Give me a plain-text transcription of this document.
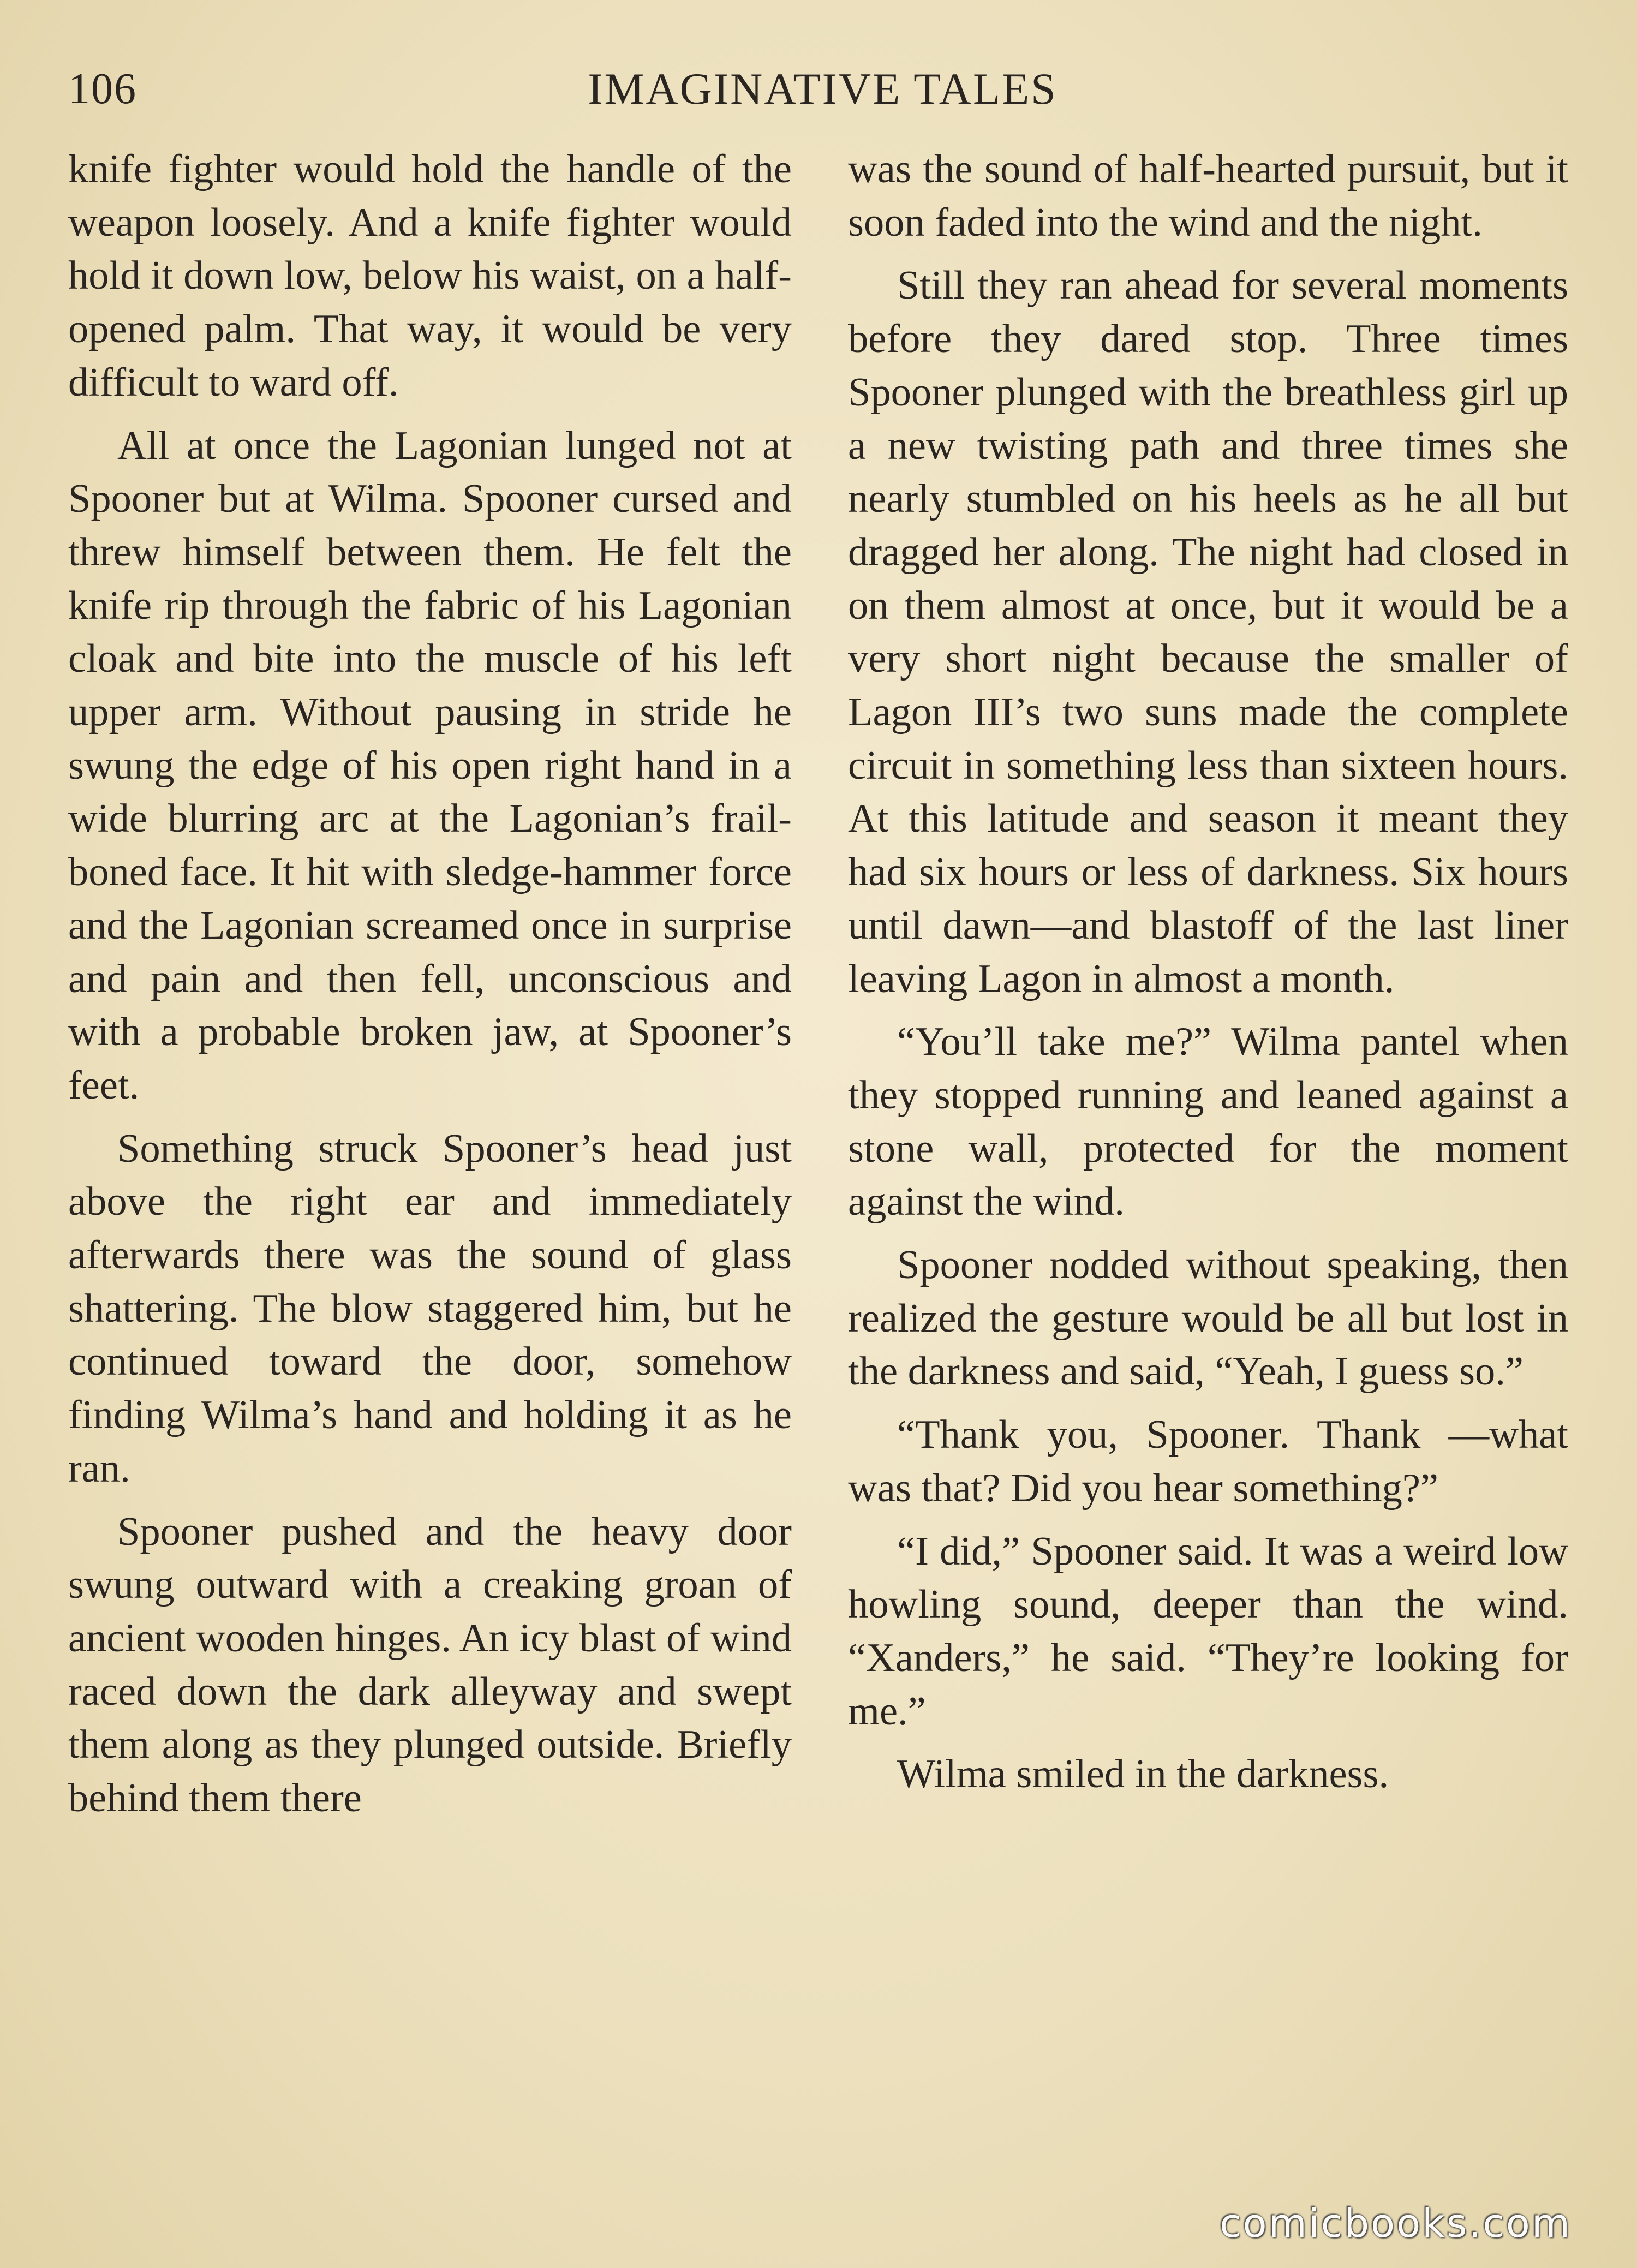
106	IMAGINATIVE TALES

knife fighter would hold the handle of the weapon loosely. And a knife fighter would hold it down low, below his waist, on a half-opened palm. That way, it would be very difficult to ward off.

All at once the Lagonian lunged not at Spooner but at Wilma. Spooner cursed and threw himself between them. He felt the knife rip through the fabric of his Lagonian cloak and bite into the muscle of his left upper arm. Without pausing in stride he swung the edge of his open right hand in a wide blurring arc at the Lagonian’s frail-boned face. It hit with sledge-hammer force and the Lagonian screamed once in surprise and pain and then fell, unconscious and with a probable broken jaw, at Spooner’s feet.

Something struck Spooner’s head just above the right ear and immediately afterwards there was the sound of glass shattering. The blow staggered him, but he continued toward the door, somehow finding Wilma’s hand and holding it as he ran.

Spooner pushed and the heavy door swung outward with a creaking groan of ancient wooden hinges. An icy blast of wind raced down the dark alleyway and swept them along as they plunged outside. Briefly behind them there

was the sound of half-hearted pursuit, but it soon faded into the wind and the night.

Still they ran ahead for several moments before they dared stop. Three times Spooner plunged with the breathless girl up a new twisting path and three times she nearly stumbled on his heels as he all but dragged her along. The night had closed in on them almost at once, but it would be a very short night because the smaller of Lagon III’s two suns made the complete circuit in something less than sixteen hours. At this latitude and season it meant they had six hours or less of darkness. Six hours until dawn—and blastoff of the last liner leaving Lagon in almost a month.

“You’ll take me?” Wilma pantel when they stopped running and leaned against a stone wall, protected for the moment against the wind.

Spooner nodded without speaking, then realized the gesture would be all but lost in the darkness and said, “Yeah, I guess so.”

“Thank you, Spooner. Thank —what was that? Did you hear something?”

“I did,” Spooner said. It was a weird low howling sound, deeper than the wind. “Xanders,” he said. “They’re looking for me.”

Wilma smiled in the darkness.

comicbooks.com
